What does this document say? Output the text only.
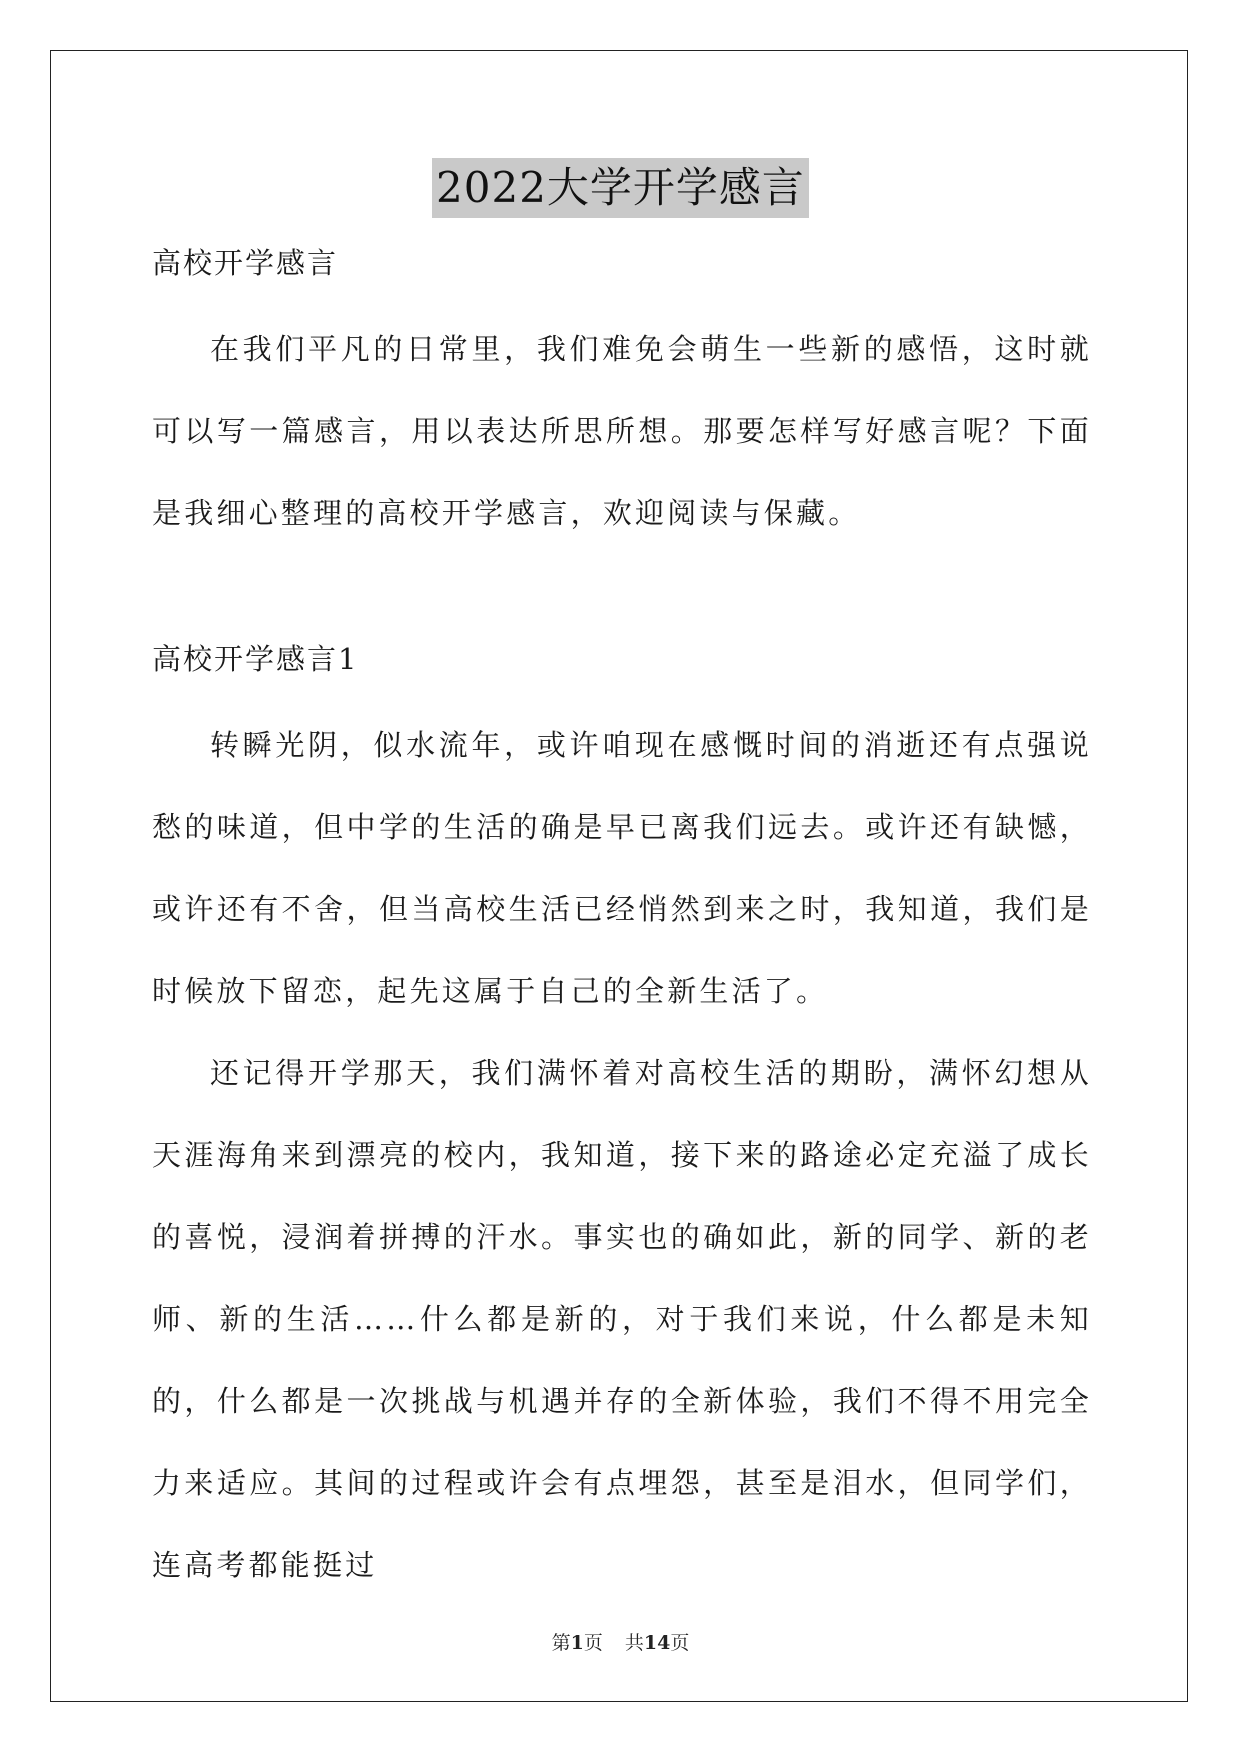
2022大学开学感言

高校开学感言

在我们平凡的日常里，我们难免会萌生一些新的感悟，这时就可以写一篇感言，用以表达所思所想。那要怎样写好感言呢？下面是我细心整理的高校开学感言，欢迎阅读与保藏。

高校开学感言1

转瞬光阴，似水流年，或许咱现在感慨时间的消逝还有点强说愁的味道，但中学的生活的确是早已离我们远去。或许还有缺憾，或许还有不舍，但当高校生活已经悄然到来之时，我知道，我们是时候放下留恋，起先这属于自己的全新生活了。

还记得开学那天，我们满怀着对高校生活的期盼，满怀幻想从天涯海角来到漂亮的校内，我知道，接下来的路途必定充溢了成长的喜悦，浸润着拼搏的汗水。事实也的确如此，新的同学、新的老师、新的生活……什么都是新的，对于我们来说，什么都是未知的，什么都是一次挑战与机遇并存的全新体验，我们不得不用完全力来适应。其间的过程或许会有点埋怨，甚至是泪水，但同学们，连高考都能挺过

第1页 共14页
